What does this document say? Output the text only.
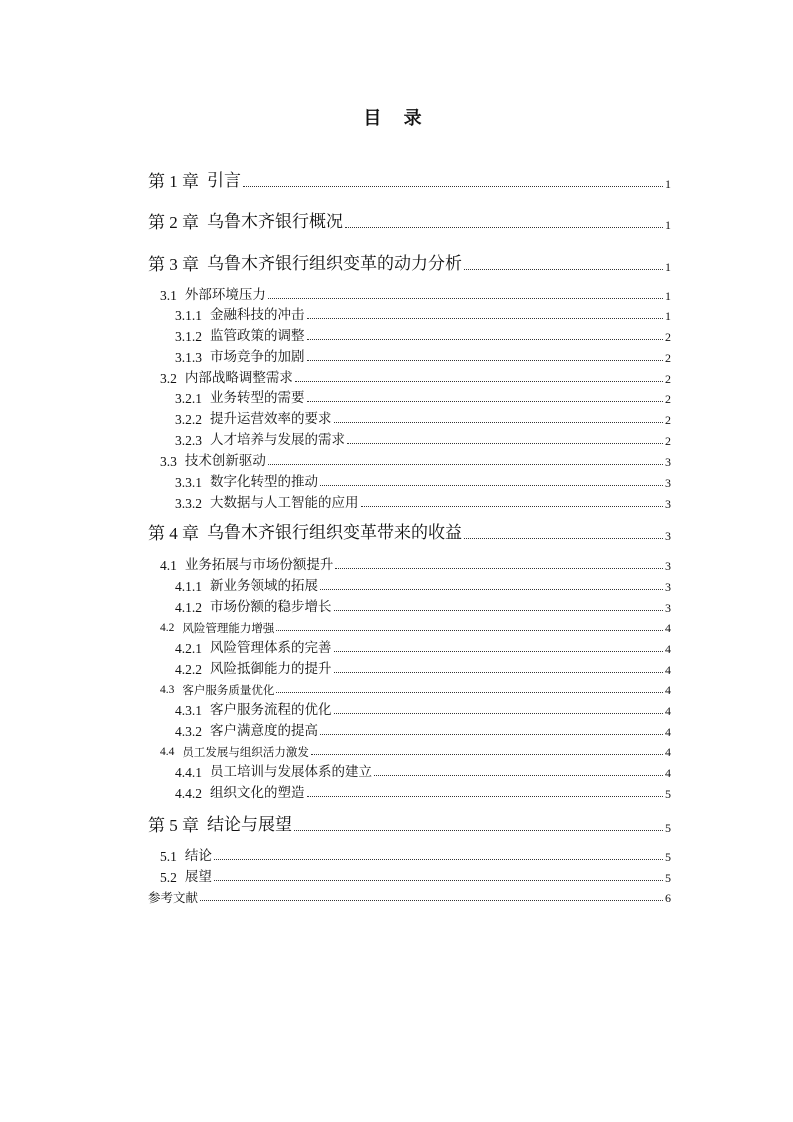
目 录
第 1 章 引言	1
第 2 章 乌鲁木齐银行概况	1
第 3 章 乌鲁木齐银行组织变革的动力分析	1
3.1 外部环境压力	1
3.1.1 金融科技的冲击	1
3.1.2 监管政策的调整	2
3.1.3 市场竞争的加剧	2
3.2 内部战略调整需求	2
3.2.1 业务转型的需要	2
3.2.2 提升运营效率的要求	2
3.2.3 人才培养与发展的需求	2
3.3 技术创新驱动	3
3.3.1 数字化转型的推动	3
3.3.2 大数据与人工智能的应用	3
第 4 章 乌鲁木齐银行组织变革带来的收益	3
4.1 业务拓展与市场份额提升	3
4.1.1 新业务领域的拓展	3
4.1.2 市场份额的稳步增长	3
4.2 风险管理能力增强	4
4.2.1 风险管理体系的完善	4
4.2.2 风险抵御能力的提升	4
4.3 客户服务质量优化	4
4.3.1 客户服务流程的优化	4
4.3.2 客户满意度的提高	4
4.4 员工发展与组织活力激发	4
4.4.1 员工培训与发展体系的建立	4
4.4.2 组织文化的塑造	5
第 5 章 结论与展望	5
5.1 结论	5
5.2 展望	5
参考文献	6
